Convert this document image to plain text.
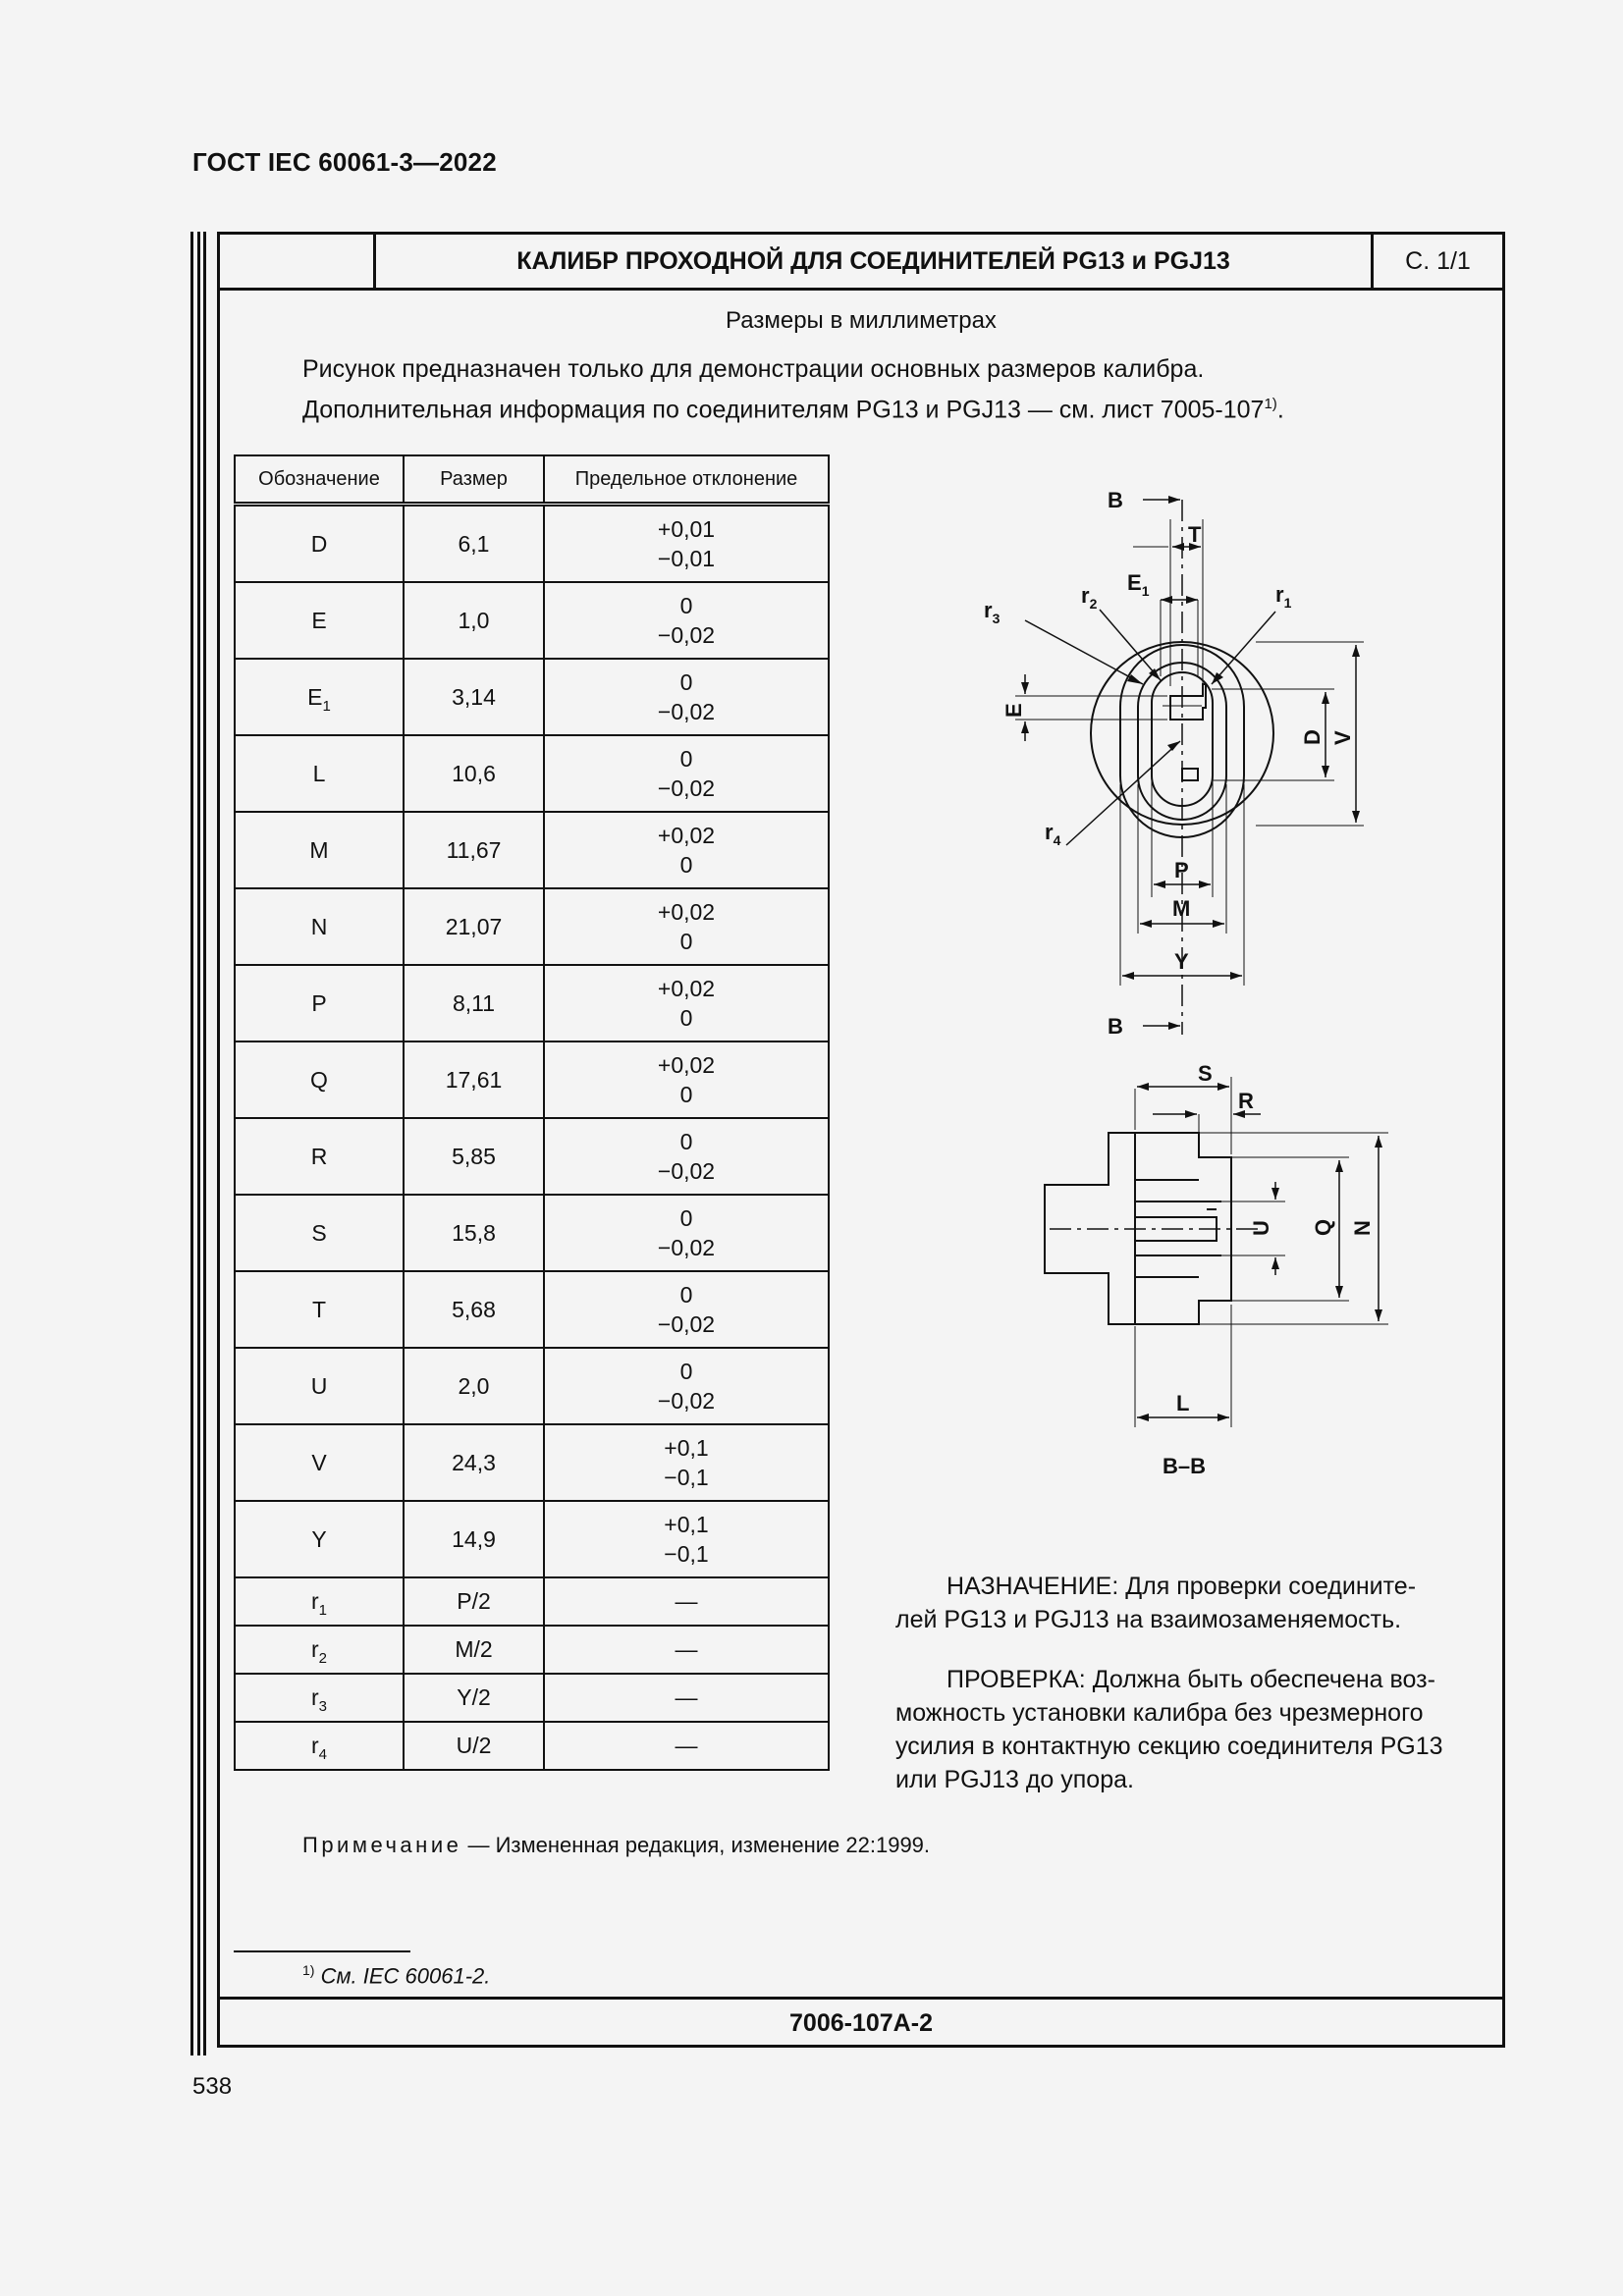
ГОСТ IEC 60061-3—2022
КАЛИБР ПРОХОДНОЙ ДЛЯ СОЕДИНИТЕЛЕЙ PG13 и PGJ13	С. 1/1
Размеры в миллиметрах
Рисунок предназначен только для демонстрации основных размеров калибра.
Дополнительная информация по соединителям PG13 и PGJ13 — см. лист 7005-107$^{1)}$.
Обозначение	Размер	Предельное отклонение
D	6,1	+0,01
−0,01

E	1,0	0
−0,02

$E_1$	3,14	0
−0,02

L	10,6	0
−0,02

M	11,67	+0,02
0

N	21,07	+0,02
0

P	8,11	+0,02
0

Q	17,61	+0,02
0

R	5,85	0
−0,02

S	15,8	0
−0,02

T	5,68	0
−0,02

U	2,0	0
−0,02

V	24,3	+0,1
−0,1

Y	14,9	+0,1
−0,1

$r_1$	P/2	—
$r_2$	M/2	—
$r_3$	Y/2	—
$r_4$	U/2	—
B
T
$E_1$
$r_2$	$r_1$
$r_3$
$r_4$
E
D V
P
M
Y
B
S
R
U Q N
L
B–B
НАЗНАЧЕНИЕ: Для проверки соедините-
лей PG13 и PGJ13 на взаимозаменяемость.
ПРОВЕРКА: Должна быть обеспечена воз-
можность установки калибра без чрезмерного
усилия в контактную секцию соединителя PG13
или PGJ13 до упора.
Примечание — Измененная редакция, изменение 22:1999.
$^{1)}$ См. IEC 60061-2.
7006-107A-2
538
